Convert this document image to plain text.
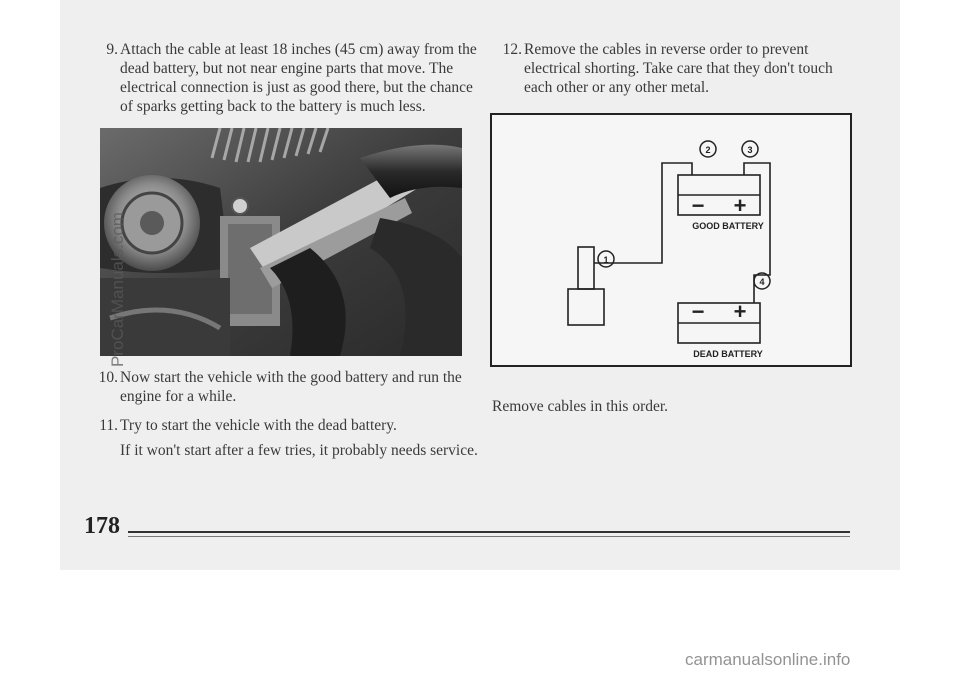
9. Attach the cable at least 18 inches (45 cm) away from the dead battery, but not near engine parts that move. The electrical connection is just as good there, but the chance of sparks getting back to the battery is much less.

10. Now start the vehicle with the good battery and run the engine for a while.

11. Try to start the vehicle with the dead battery.

If it won't start after a few tries, it probably needs service.

12. Remove the cables in reverse order to prevent electrical shorting. Take care that they don't touch each other or any other metal.

2	3
1
4
− +
− +
GOOD BATTERY
DEAD BATTERY
Remove cables in this order.
178
ProCarManuals.com
carmanualsonline.info
